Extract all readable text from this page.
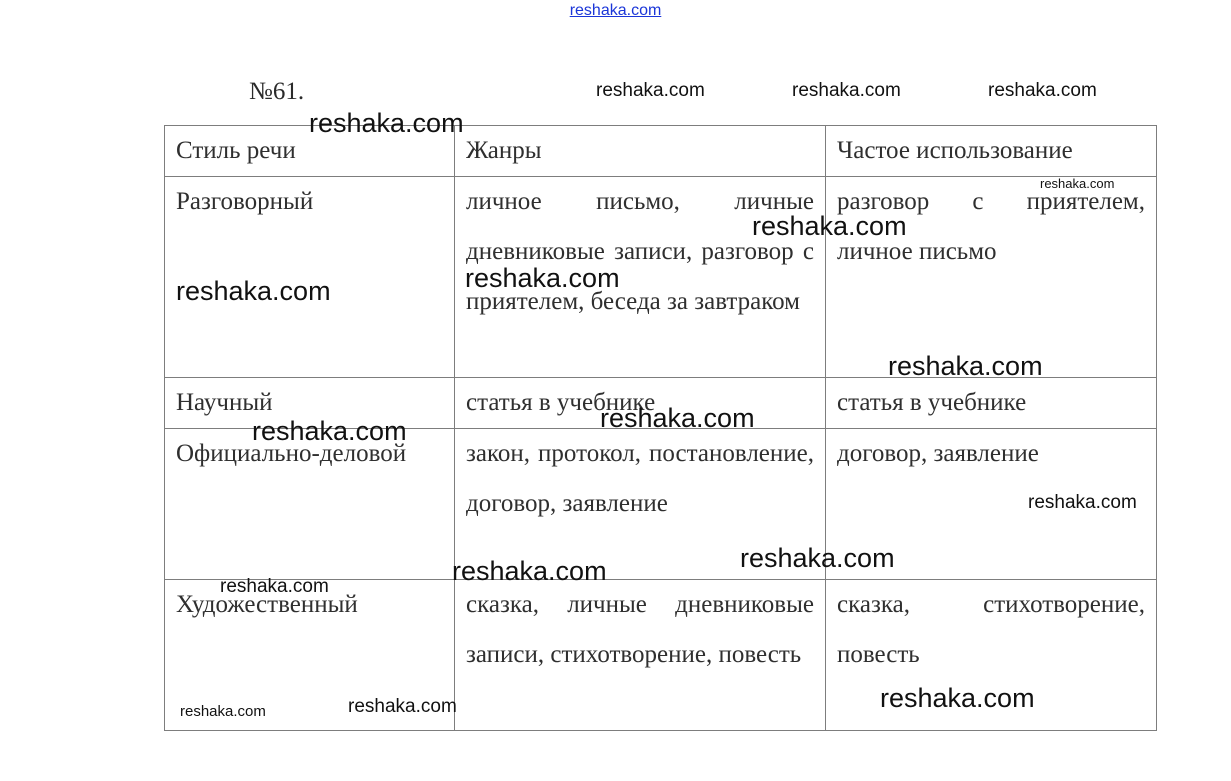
reshaka.com
№61.
Стиль речи	Жанры	Частое использование
Разговорный	личное письмо, личные дневниковые записи, разговор с приятелем, беседа за завтраком	разговор с приятелем, личное письмо
Научный	статья в учебнике	статья в учебнике
Официально-деловой	закон, протокол, постановление, договор, заявление	договор, заявление
Художественный	сказка, личные дневниковые записи, стихотворение, повесть	сказка, стихотворение, повесть
reshaka.com	reshaka.com	reshaka.com
reshaka.com
reshaka.com
reshaka.com
reshaka.com
reshaka.com
reshaka.com
reshaka.com
reshaka.com
reshaka.com
reshaka.com
reshaka.com
reshaka.com
reshaka.com
reshaka.com
reshaka.com
